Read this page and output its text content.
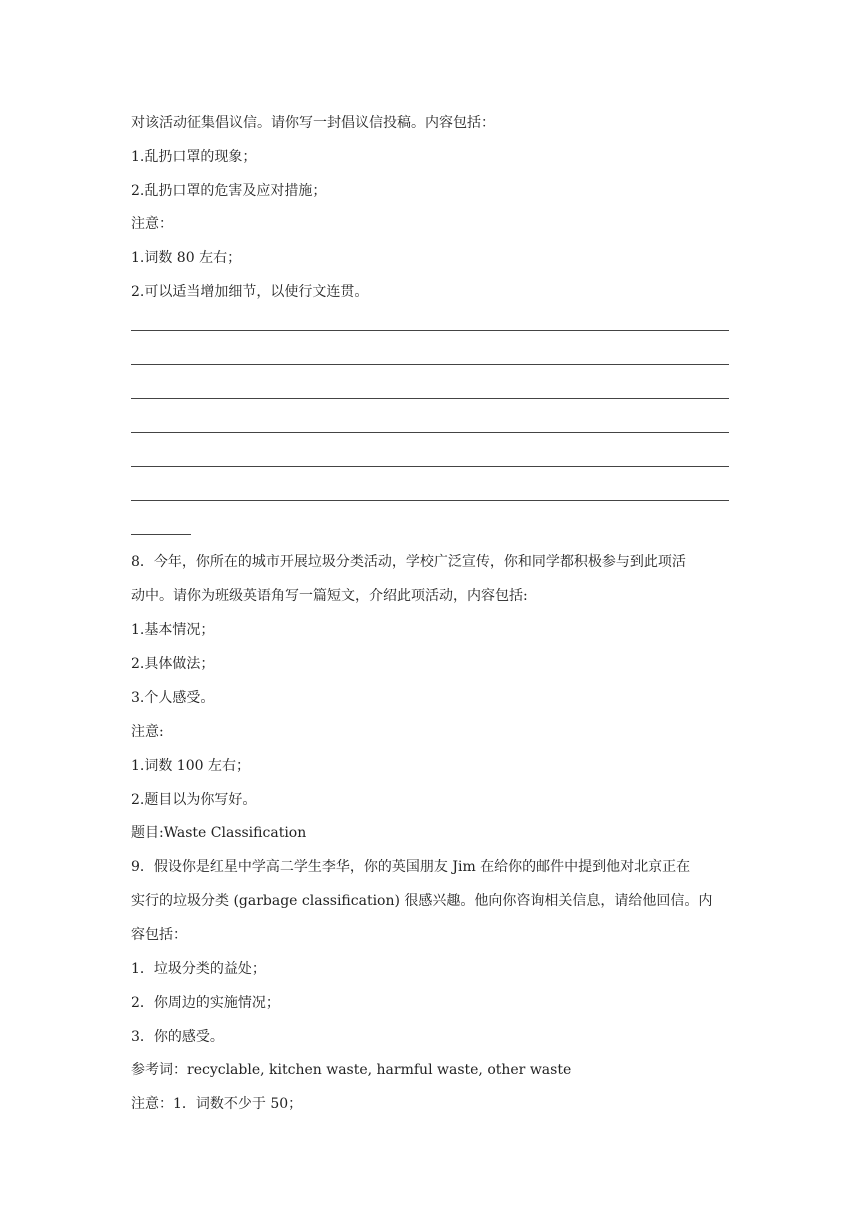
对该活动征集倡议信。请你写一封倡议信投稿。内容包括：
1.乱扔口罩的现象；
2.乱扔口罩的危害及应对措施；
注意：
1.词数 80 左右；
2.可以适当增加细节，以使行文连贯。
8．今年，你所在的城市开展垃圾分类活动，学校广泛宣传，你和同学都积极参与到此项活
动中。请你为班级英语角写一篇短文，介绍此项活动，内容包括:
1.基本情况；
2.具体做法；
3.个人感受。
注意:
1.词数 100 左右；
2.题目以为你写好。
题目:Waste Classification
9．假设你是红星中学高二学生李华，你的英国朋友 Jim 在给你的邮件中提到他对北京正在
实行的垃圾分类 (garbage classification) 很感兴趣。他向你咨询相关信息，请给他回信。内
容包括：
1．垃圾分类的益处；
2．你周边的实施情况；
3．你的感受。
参考词：recyclable, kitchen waste, harmful waste, other waste
注意：1．词数不少于 50；
